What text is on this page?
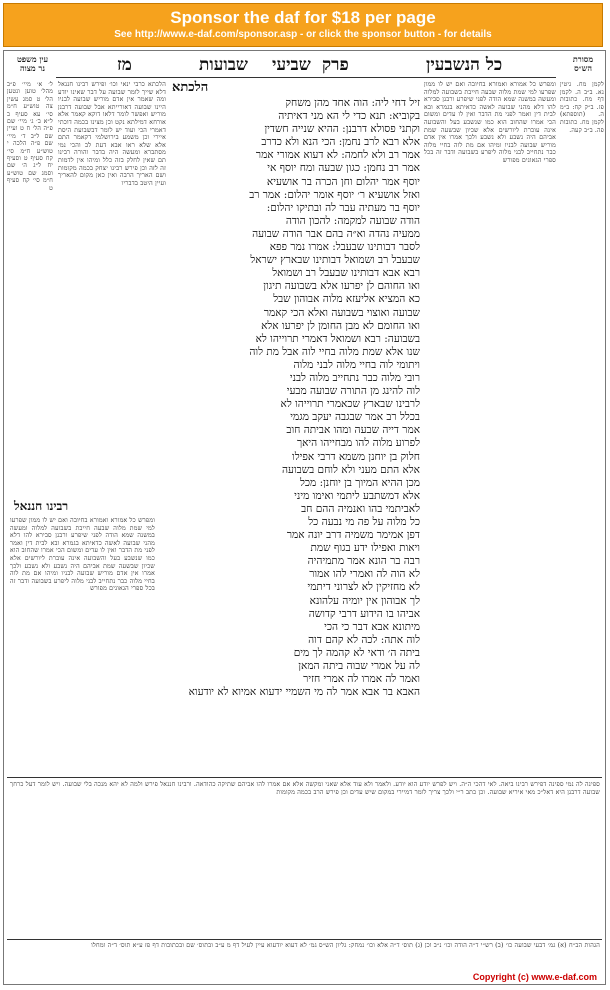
Sponsor the daf for $18 per page
See http://www.e-daf.com/sponsor.asp - or click the sponsor button - for details
מז	שבועות שביעי פרק	כל הנשבעין
עין משפט
נר מצוה
מסורת
הש״ס
ל׳ א׳ מיי׳ פ״ב מהל׳ טוען ונטען הל׳ ט סמג עשין צה טוש״ע ח״מ סי׳ עא סעיף ב ל״א ב׳ ג׳ מיי׳ שם פ״ה הל׳ ח ט ועיין שם ל״ב ד׳ מיי׳ שם פ״ה הלכה י טוש״ע ח״מ סי׳ קח סעיף ט וסעיף יח ל״ג ה׳ שם וסמג שם טוש״ע ח״מ סי׳ קח סעיף ט
הלכתא כרבי ינאי וכו׳ ופירש רבינו חננאל דלא שייך לומר שבועה על דבר שאינו יודע ומה שאמר אין אדם מוריש שבועה לבניו היינו שבועה דאורייתא אבל שבועה דרבנן מוריש ואפשר לומר דלאו דוקא קאמר אלא אורחא דמילתא נקט וכן מצינו בכמה דוכתי דאמרי הכי ועוד יש לומר דבשבועת היסת איירי וכן משמע בירושלמי דקאמר התם אלא שלא ראו אבא דעת לב והכי נמי מסתברא ומעשה היה בדבר והורה רבינו תם שאין לחלק בזה כלל ומיהו אין לדמות זה לזה וכן פירש רבינו יצחק בכמה מקומות ושם האריך הרבה ואין כאן מקום להאריך ועיין היטב בדבריו
רבינו חננאל
ומפרש כל אמורא ואמורא בחיובה ואם יש לו ממון שפרעו למי שמת מלוה שבעה חייבת בשבועה למלוה ומעשה במשנה שמא הודה לפני שיפרע ורבנן סבירא להו דלא מהני שבועה לאשה כדאיתא בגמרא ובא לבית דין ואמר לפני מת הדבר ואין לו עדים ומשום הכי אמרו שהחוב הוא כמו שנשבע בעל והשבועה אינה עוברת ליורשים אלא שכיון שבשעה שמת אביהם היה נשבע ולא נשבע ולכך אמרו אין אדם מוריש שבועה לבניו ומיהו אם מת לוה בחיי מלוה כבר נתחייב לבני מלוה ליפרע בשבועה ודבר זה בכל ספרי הגאונים מפורש
הלכתא
זיל דחי ליה: הוה אחד מהן משחק
בקוביא: תנא כדי לי הא מני דאיתיה
וקתני פסולא דרבנן: ההיא שנייה חשדין
אלא רבא לרב נחמן: הכי הנא ולא כדרב
אמר רב ולא לחמה: לא דעוא אמורי אמר
אמר רב נחמן: כגון שבעה ומח יוסף אי
יוסף אמר יהלום וחן הכרה בר אושעיא
ואזל אושעיא ר׳ יוסף אומר יהלום: אמר רב
יוסף בר מעתיה עבר לה ובתיקו יהלום:
הודה שבועה למקמה: להכון הודה
ממעיה נהדה וא״ה בהם אבר הודה שבועה
לסבר דבותינו שבעבל: אמרו נמר פפא
שבעבל רב ושמואל דבותינו שבארץ ישראל
רבא אבא דבותינו שבעבל רב ושמואל
ואו החוהם לן יפרעו אלא בשבועה תיגון
כא המציא אליעזא מלוה אבוהון שבל
שבועה ואוצוי בשבועה ואלא הכי קאמר
ואו החומם לא מבן החומן לן יפרעו אלא
בשבועה: רבא ושמואל דאמרי תרוייהו לא
שנו אלא שמת מלוה בחיי לוה אבל מת לוה
ויתומי לוה בחיי מלוה לבני מלוה
רובי מלוה כבר נתחייב מלוה לבני
לוה להינג מן התורה שבועה מבעי
לרבינו שבארץ שכאמרי תרוייהו לא
בכלל רב אמר שבגבה יעקב מגמי
אמר דייה שבעה ומהו אביתה חוב
לפרוע מלוה להו מבחייהו היאך
חלוק בן יוחנן משמא דרבי אפילו
אלא התם מעני ולא לוחם בשבועה
מכן ההיא המיוך בן יוחנן: מכל
אלא דמשתבע ליתמי ואימו מיני
לאביתמי בהו ואנמיה ההם חב
כל מלוה על פה מי נבעה כל
דפן אמימר משמיה דרב יונה אמר
ויאות ואפילו ידע בגוף שמת
רבה בר הונא אמר מתמיהיה
לא הוה לה ואמרי להו אמור
לא מחזיקין לא לצרוני דיתמי
לך אבוהון אין יומיה עלהונא
אביהו בו הידוע דרבי קדושה
מיתונא אבא דבר כי הכי
לוה אתה: לכה לא קהם דוה
ביתה ה׳ ודאי לא קהמה לך מים
לה על אמרי שבוה ביתה המאן
ואמר לה אמרו לה אמרי חזיר
האבא בר אבא אמר לה מי השמיי ידעוא אמיוא לא יודעוא
ומפרש כל אמורא ואמורא בחיובה ואם יש לו ממון שפרעו למי שמת מלוה שבעה חייבת בשבועה למלוה ומעשה במשנה שמא הודה לפני שיפרע ורבנן סבירא להו דלא מהני שבועה לאשה כדאיתא בגמרא ובא לבית דין ואמר לפני מת הדבר ואין לו עדים ומשום הכי אמרו שהחוב הוא כמו שנשבע בעל והשבועה אינה עוברת ליורשים אלא שכיון שבשעה שמת אביהם היה נשבע ולא נשבע ולכך אמרו אין אדם מוריש שבועה לבניו ומיהו אם מת לוה בחיי מלוה כבר נתחייב לבני מלוה ליפרע בשבועה ודבר זה בכל ספרי הגאונים מפורש
לקמן מח. גיטין נא. ב״ב ה. לקמן דף מח. כתובות פז. ב״ק קח: ב״מ ה. (תוספתא) לקמן מח. כתובות פה. ב״ב קעה.
ספינה לה נמי ספינה דפירש רבינו ביאה. לאי דהכי ה״ה. ויש לפרש יודע הוא יודע. ולאמר ולא עוד אלא שאני ומקשה אלא אם אמרו להו אביהם שתיקה כהודאה. ורבינו חננאל פירש ולמה לא יהא מנכה בלי שבועה. ויש לומר דעל כרחך שבועה דרבנן היא דאל״כ מאי איריא שבועה. וכן כתב ר״י ולכך צריך לומר דמיירי במקום שיש עדים וכן פירש הרב בכמה מקומות
הגהות הב״ח (א) גמ׳ דבעי שבועה כו׳ (ב) רש״י ד״ה הודה וכו׳ נ״ב וכן (ג) תוס׳ ד״ה אלא וכו׳ נמחק: גליון הש״ס גמ׳ לא דעוא יודעוא עיין לעיל דף מ ע״ב ובתוס׳ שם ובכתובות דף פז ע״א תוס׳ ד״ה ומחלו
Copyright (c) www.e-daf.com
